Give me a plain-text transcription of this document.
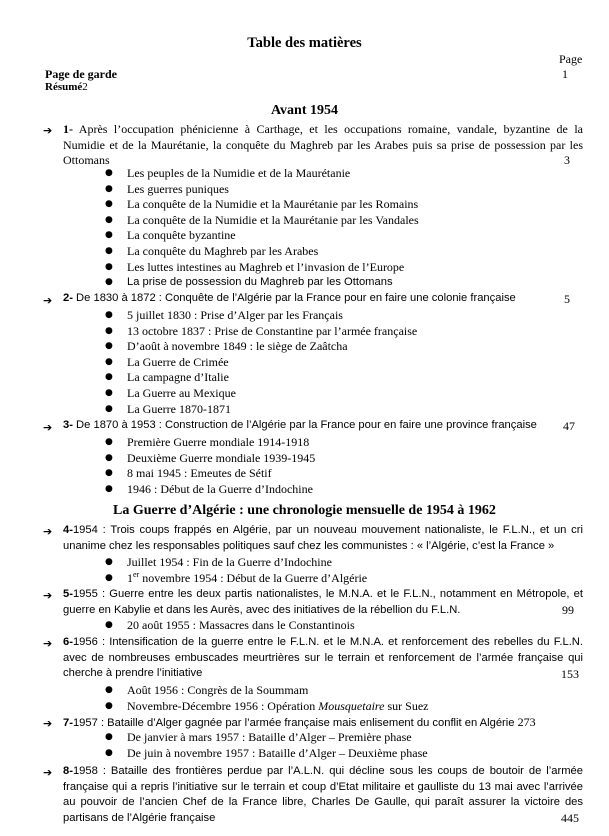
Table des matières
Page
Page de garde	1
Résumé2
Avant 1954
➔ 1- Après l’occupation phénicienne à Carthage, et les occupations romaine, vandale, byzantine de la Numidie et de la Maurétanie, la conquête du Maghreb par les Arabes puis sa prise de possession par les Ottomans	3
● Les peuples de la Numidie et de la Maurétanie
● Les guerres puniques
● La conquête de la Numidie et la Maurétanie par les Romains
● La conquête de la Numidie et la Maurétanie par les Vandales
● La conquête byzantine
● La conquête du Maghreb par les Arabes
● Les luttes intestines au Maghreb et l’invasion de l’Europe
● La prise de possession du Maghreb par les Ottomans
➔ 2- De 1830 à 1872 : Conquête de l’Algérie par la France pour en faire une colonie française	5
● 5 juillet 1830 : Prise d’Alger par les Français
● 13 octobre 1837 : Prise de Constantine par l’armée française
● D’août à novembre 1849 : le siège de Zaâtcha
● La Guerre de Crimée
● La campagne d’Italie
● La Guerre au Mexique
● La Guerre 1870-1871
➔ 3- De 1870 à 1953 : Construction de l’Algérie par la France pour en faire une province française 47
● Première Guerre mondiale 1914-1918
● Deuxième Guerre mondiale 1939-1945
● 8 mai 1945 : Emeutes de Sétif
● 1946 : Début de la Guerre d’Indochine
La Guerre d’Algérie : une chronologie mensuelle de 1954 à 1962
➔ 4-1954 : Trois coups frappés en Algérie, par un nouveau mouvement nationaliste, le F.L.N., et un cri unanime chez les responsables politiques sauf chez les communistes : « l’Algérie, c’est la France »
● Juillet 1954 : Fin de la Guerre d’Indochine
● 1er novembre 1954 : Début de la Guerre d’Algérie
➔ 5-1955 : Guerre entre les deux partis nationalistes, le M.N.A. et le F.L.N., notamment en Métropole, et guerre en Kabylie et dans les Aurès, avec des initiatives de la rébellion du F.L.N.	99
● 20 août 1955 : Massacres dans le Constantinois
➔ 6-1956 : Intensification de la guerre entre le F.L.N. et le M.N.A. et renforcement des rebelles du F.L.N. avec de nombreuses embuscades meurtrières sur le terrain et renforcement de l’armée française qui cherche à prendre l’initiative	153
● Août 1956 : Congrès de la Soummam
● Novembre-Décembre 1956 : Opération Mousquetaire sur Suez
➔ 7-1957 : Bataille d’Alger gagnée par l’armée française mais enlisement du conflit en Algérie 273
● De janvier à mars 1957 : Bataille d’Alger – Première phase
● De juin à novembre 1957 : Bataille d’Alger – Deuxième phase
➔ 8-1958 : Bataille des frontières perdue par l’A.L.N. qui décline sous les coups de boutoir de l’armée française qui a repris l’initiative sur le terrain et coup d’Etat militaire et gaulliste du 13 mai avec l’arrivée au pouvoir de l’ancien Chef de la France libre, Charles De Gaulle, qui paraît assurer la victoire des partisans de l’Algérie française	445
